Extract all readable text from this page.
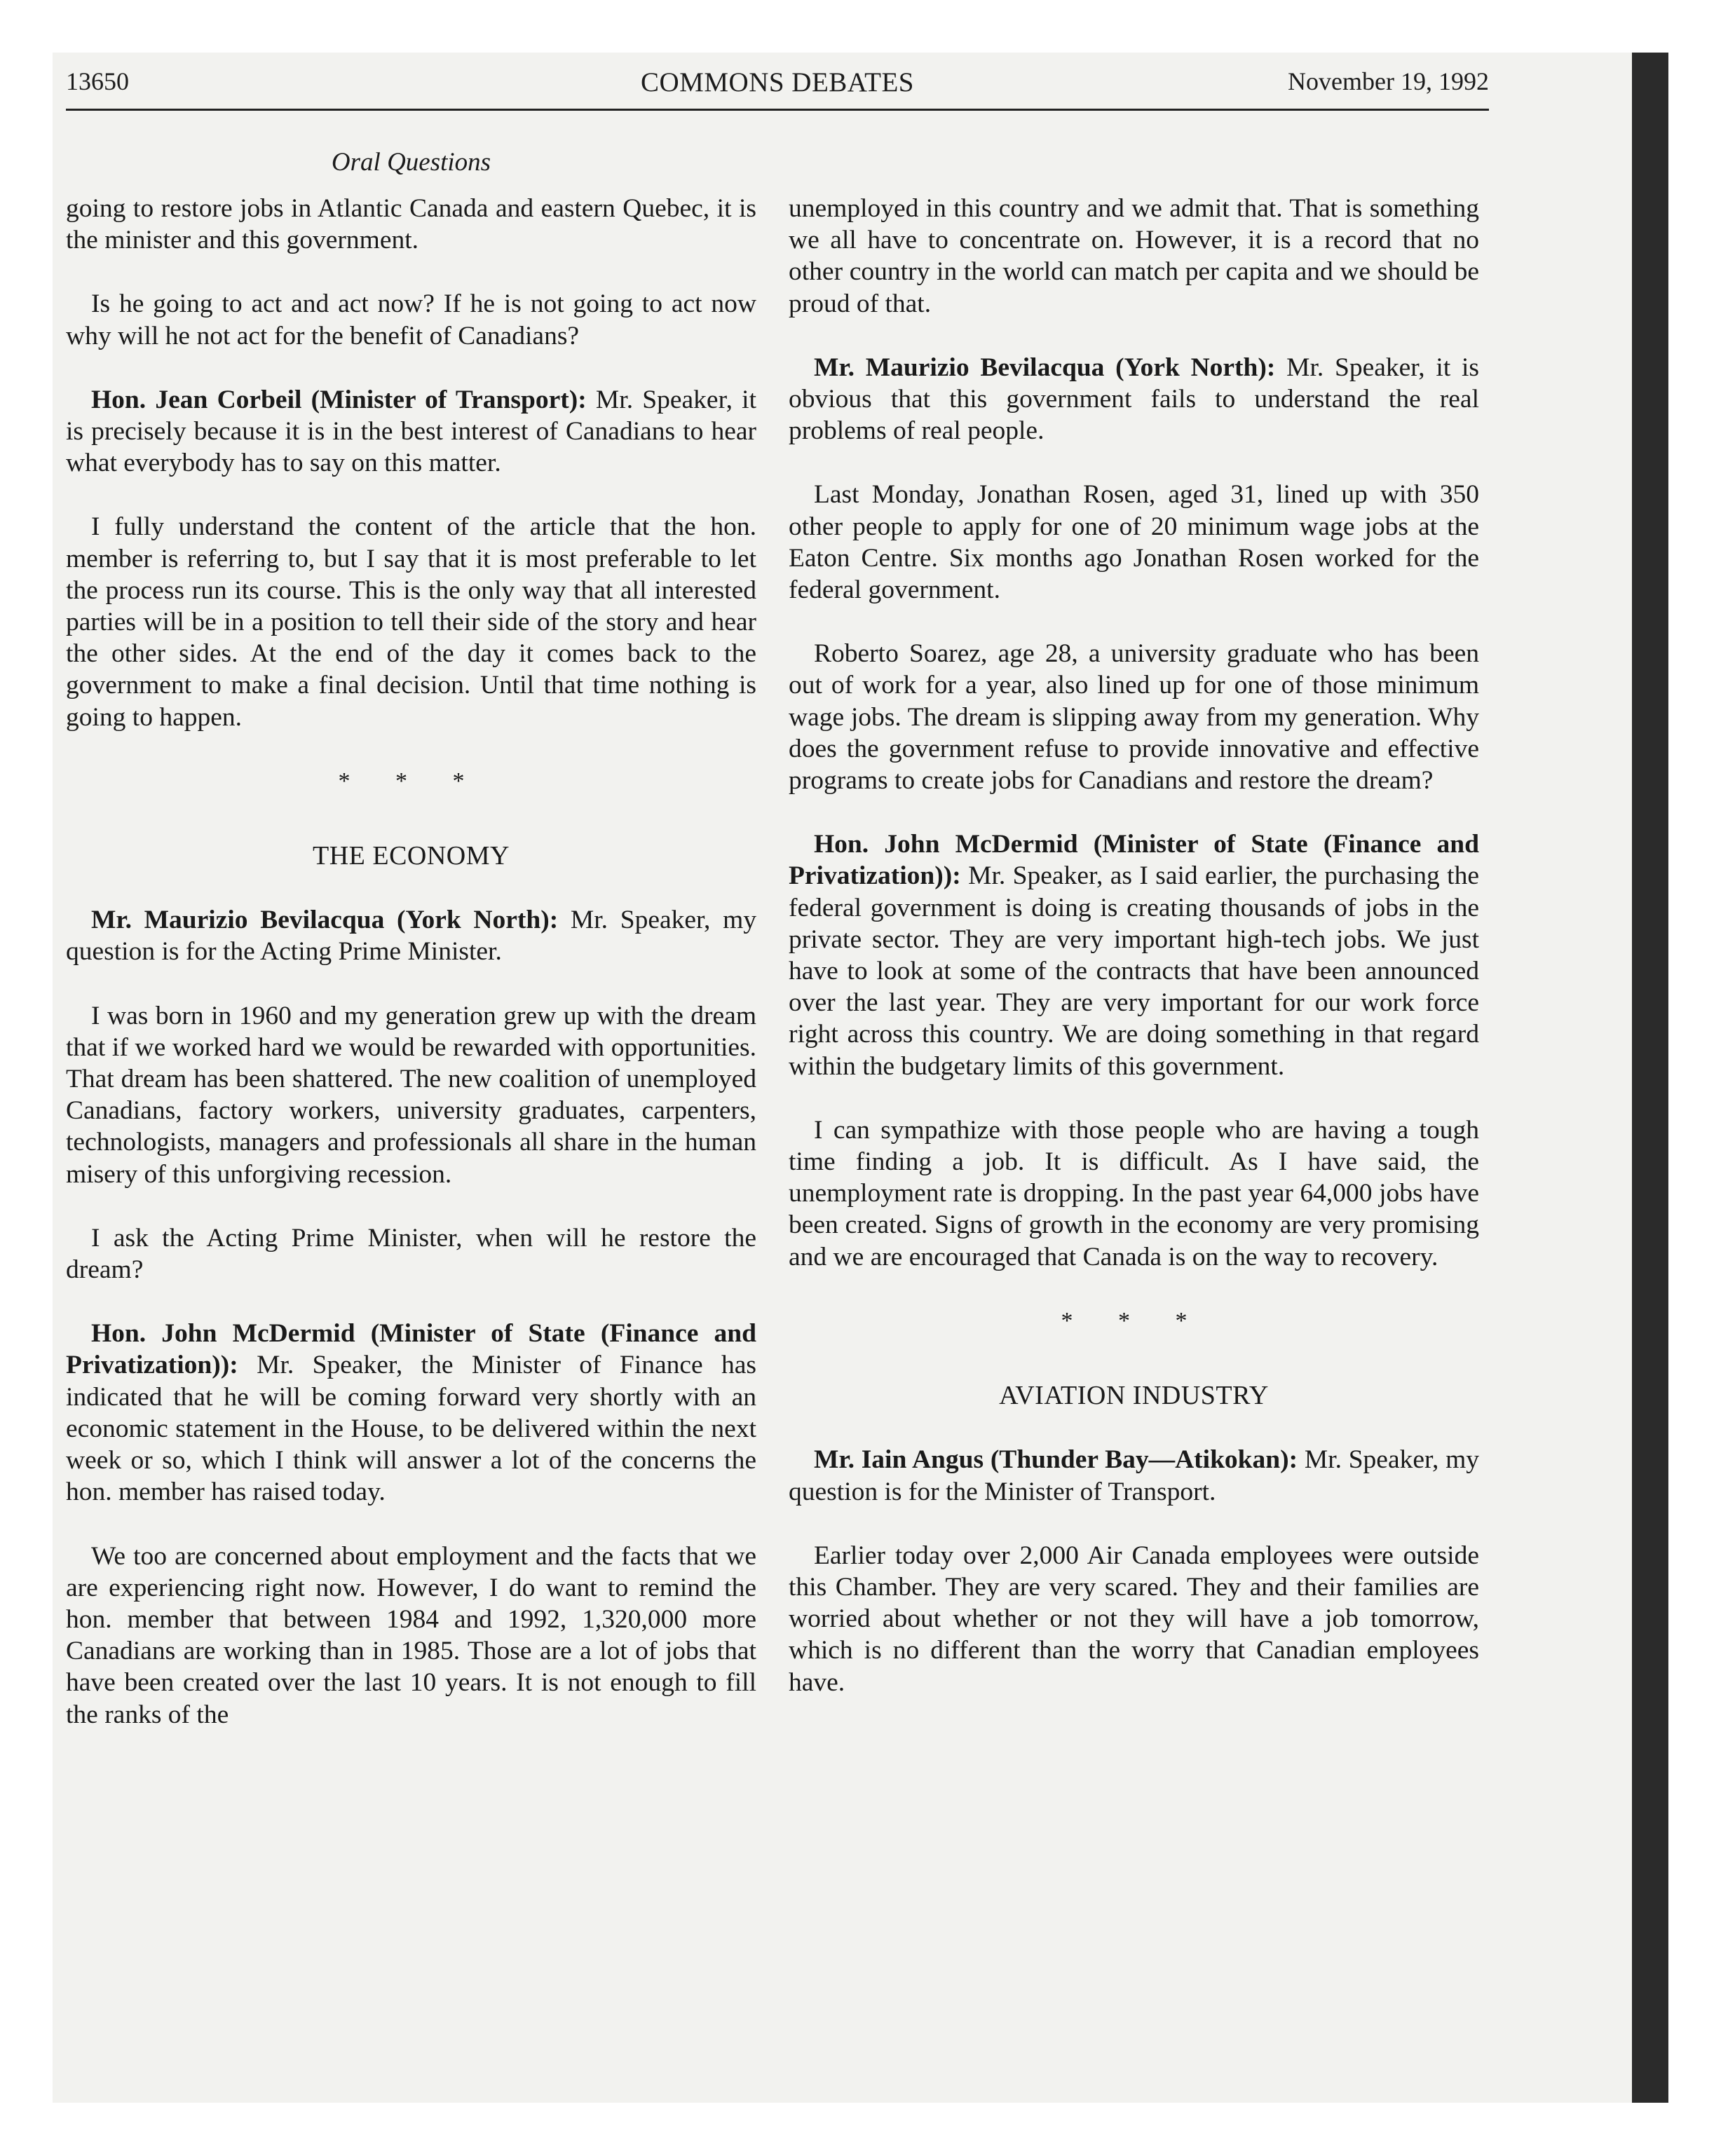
13650	COMMONS DEBATES	November 19, 1992
Oral Questions

going to restore jobs in Atlantic Canada and eastern Quebec, it is the minister and this government.

Is he going to act and act now? If he is not going to act now why will he not act for the benefit of Canadians?

Hon. Jean Corbeil (Minister of Transport): Mr. Speaker, it is precisely because it is in the best interest of Canadians to hear what everybody has to say on this matter.

I fully understand the content of the article that the hon. member is referring to, but I say that it is most preferable to let the process run its course. This is the only way that all interested parties will be in a position to tell their side of the story and hear the other sides. At the end of the day it comes back to the government to make a final decision. Until that time nothing is going to happen.

* * *
THE ECONOMY

Mr. Maurizio Bevilacqua (York North): Mr. Speaker, my question is for the Acting Prime Minister.

I was born in 1960 and my generation grew up with the dream that if we worked hard we would be rewarded with opportunities. That dream has been shattered. The new coalition of unemployed Canadians, factory workers, university graduates, carpenters, technologists, managers and professionals all share in the human misery of this unforgiving recession.

I ask the Acting Prime Minister, when will he restore the dream?

Hon. John McDermid (Minister of State (Finance and Privatization)): Mr. Speaker, the Minister of Finance has indicated that he will be coming forward very shortly with an economic statement in the House, to be delivered within the next week or so, which I think will answer a lot of the concerns the hon. member has raised today.

We too are concerned about employment and the facts that we are experiencing right now. However, I do want to remind the hon. member that between 1984 and 1992, 1,320,000 more Canadians are working than in 1985. Those are a lot of jobs that have been created over the last 10 years. It is not enough to fill the ranks of the

unemployed in this country and we admit that. That is something we all have to concentrate on. However, it is a record that no other country in the world can match per capita and we should be proud of that.

Mr. Maurizio Bevilacqua (York North): Mr. Speaker, it is obvious that this government fails to understand the real problems of real people.

Last Monday, Jonathan Rosen, aged 31, lined up with 350 other people to apply for one of 20 minimum wage jobs at the Eaton Centre. Six months ago Jonathan Rosen worked for the federal government.

Roberto Soarez, age 28, a university graduate who has been out of work for a year, also lined up for one of those minimum wage jobs. The dream is slipping away from my generation. Why does the government refuse to provide innovative and effective programs to create jobs for Canadians and restore the dream?

Hon. John McDermid (Minister of State (Finance and Privatization)): Mr. Speaker, as I said earlier, the purchasing the federal government is doing is creating thousands of jobs in the private sector. They are very important high-tech jobs. We just have to look at some of the contracts that have been announced over the last year. They are very important for our work force right across this country. We are doing something in that regard within the budgetary limits of this government.

I can sympathize with those people who are having a tough time finding a job. It is difficult. As I have said, the unemployment rate is dropping. In the past year 64,000 jobs have been created. Signs of growth in the economy are very promising and we are encouraged that Canada is on the way to recovery.

* * *
AVIATION INDUSTRY

Mr. Iain Angus (Thunder Bay—Atikokan): Mr. Speaker, my question is for the Minister of Transport.

Earlier today over 2,000 Air Canada employees were outside this Chamber. They are very scared. They and their families are worried about whether or not they will have a job tomorrow, which is no different than the worry that Canadian employees have.
